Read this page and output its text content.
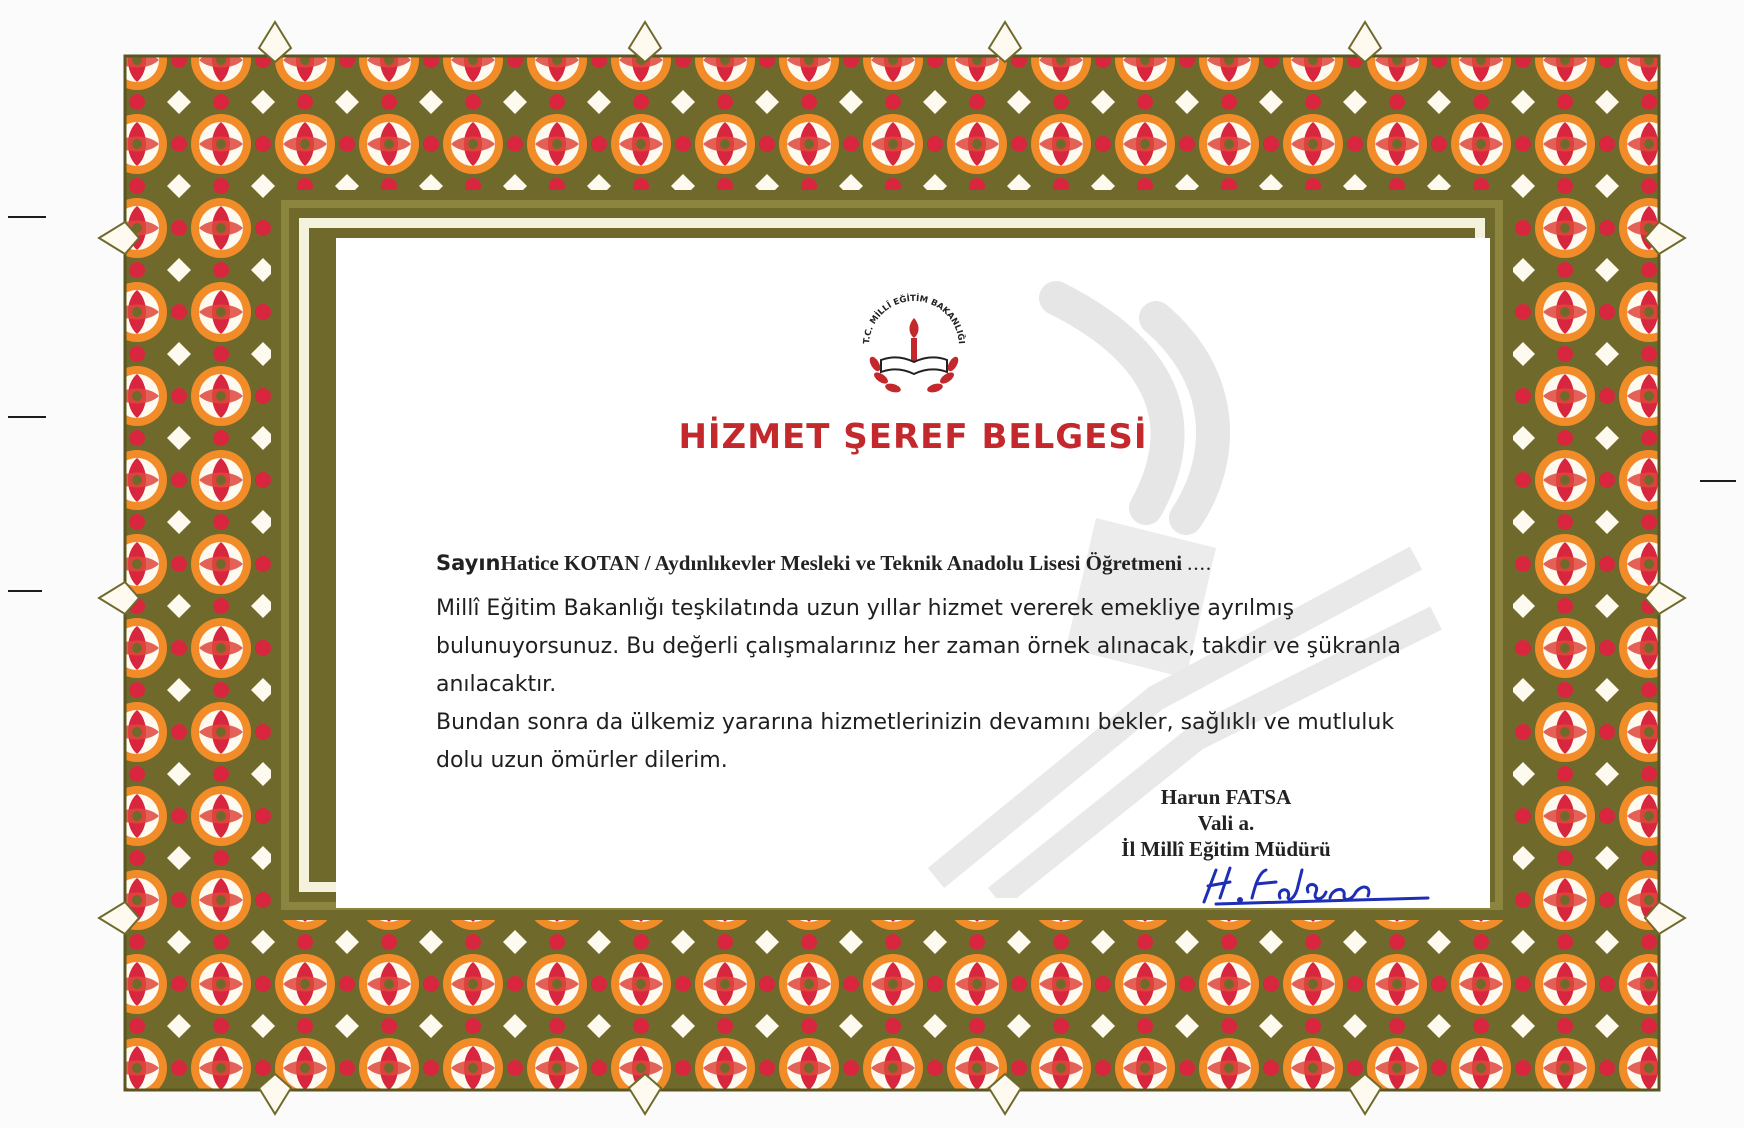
T.C. MİLLÎ EĞİTİM BAKANLIĞI
HİZMET ŞEREF BELGESİ
SayınHatice KOTAN / Aydınlıkevler Mesleki ve Teknik Anadolu Lisesi Öğretmeni ....

Millî Eğitim Bakanlığı teşkilatında uzun yıllar hizmet vererek emekliye ayrılmış bulunuyorsunuz. Bu değerli çalışmalarınız her zaman örnek alınacak, takdir ve şükranla anılacaktır.

Bundan sonra da ülkemiz yararına hizmetlerinizin devamını bekler, sağlıklı ve mutluluk dolu uzun ömürler dilerim.

Harun FATSA
Vali a.
İl Millî Eğitim Müdürü
